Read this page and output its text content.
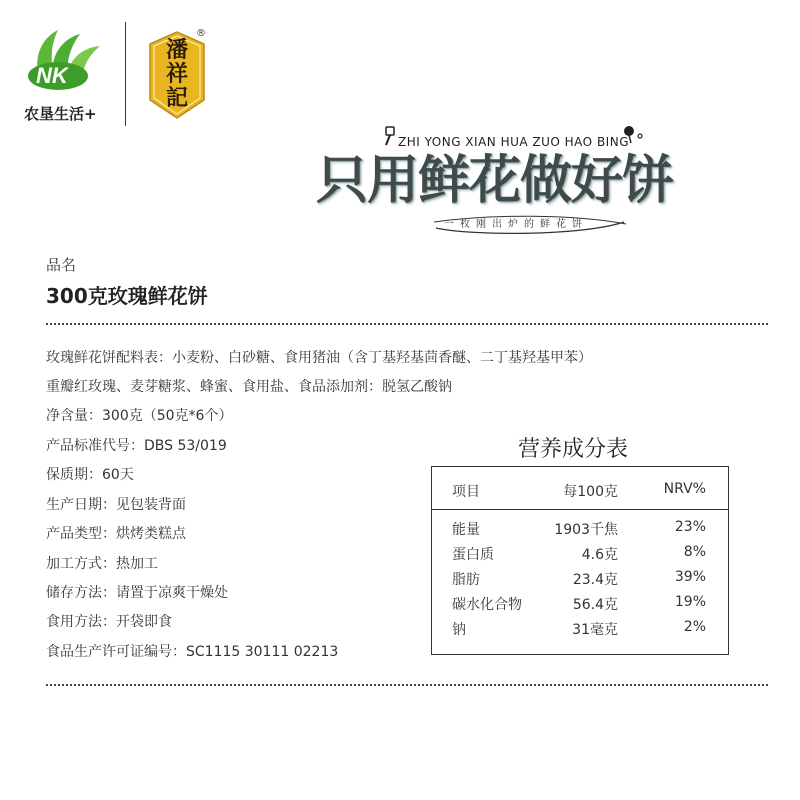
NK
农垦生活+
潘祥記
®
ZHI YONG XIAN HUA ZUO HAO BING
只用鲜花做好饼
一枚刚出炉的鲜花饼
品名
300克玫瑰鲜花饼
玫瑰鲜花饼配料表：小麦粉、白砂糖、食用猪油（含丁基羟基茴香醚、二丁基羟基甲苯）
重瓣红玫瑰、麦芽糖浆、蜂蜜、食用盐、食品添加剂：脱氢乙酸钠
净含量：300克（50克*6个）
产品标准代号：DBS 53/019
保质期：60天
生产日期：见包装背面
产品类型：烘烤类糕点
加工方式：热加工
储存方法：请置于凉爽干燥处
食用方法：开袋即食
食品生产许可证编号：SC1115 30111 02213
营养成分表
项目	每100克	NRV%
能量	1903千焦	23%
蛋白质	4.6克	8%
脂肪	23.4克	39%
碳水化合物	56.4克	19%
钠	31毫克	2%
